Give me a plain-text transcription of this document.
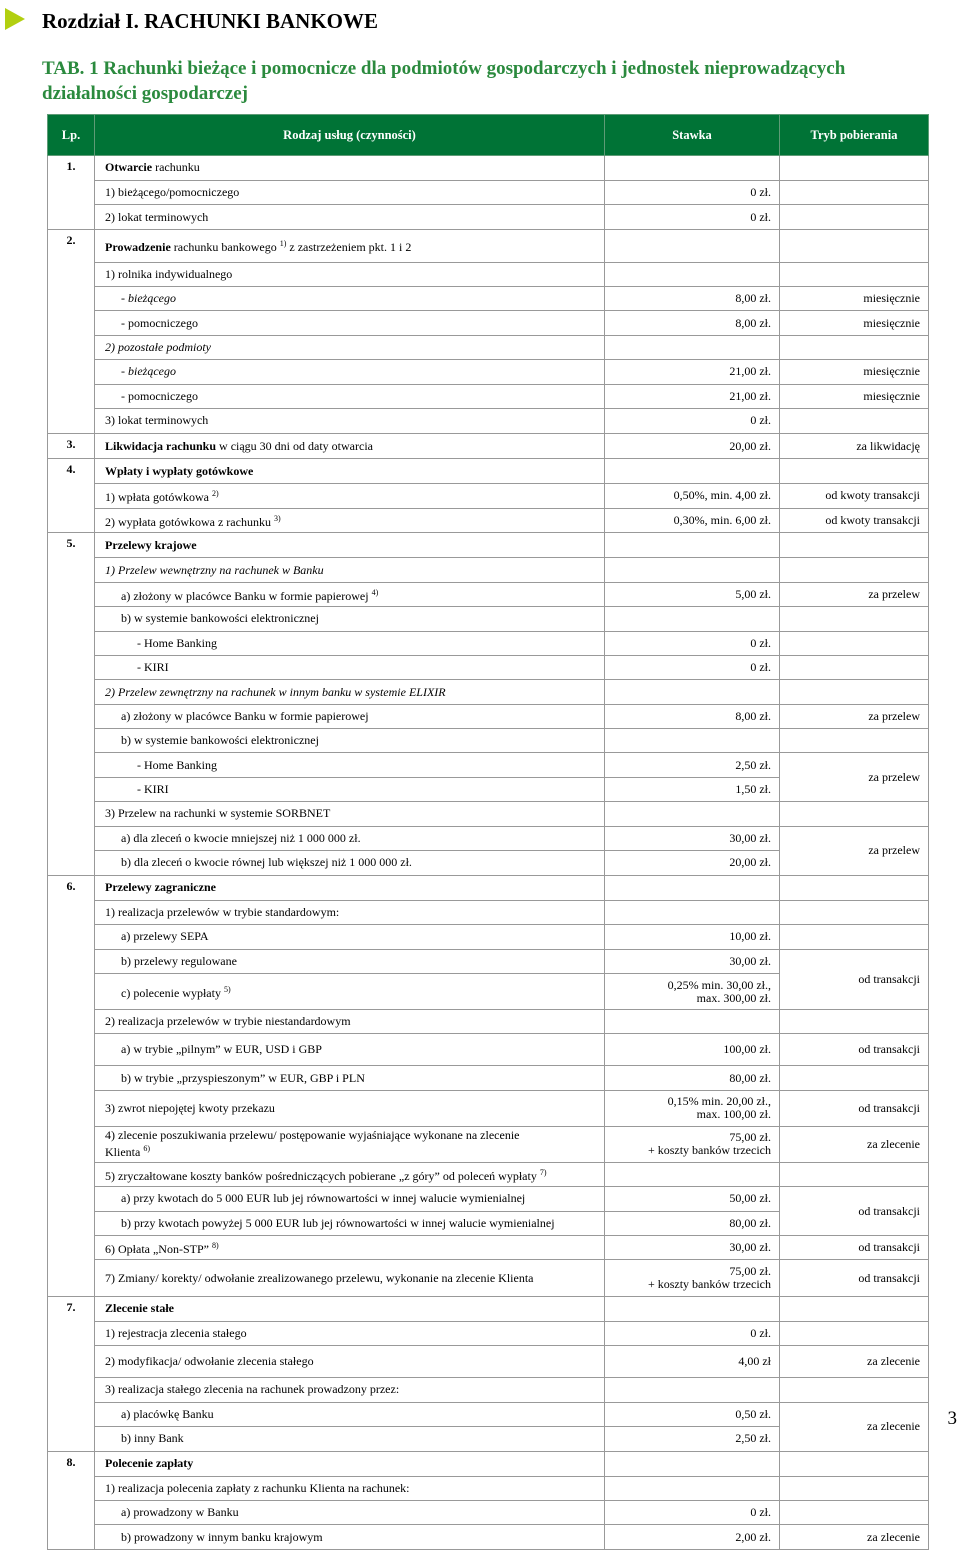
Rozdział I. RACHUNKI BANKOWE
TAB. 1 Rachunki bieżące i pomocnicze dla podmiotów gospodarczych i jednostek nieprowadzących działalności gospodarczej
Lp.	Rodzaj usług (czynności)	Stawka	Tryb pobierania
1.	Otwarcie rachunku		
	1) bieżącego/pomocniczego	0 zł.	
	2) lokat terminowych	0 zł.	
2.	Prowadzenie rachunku bankowego $^{1)}$ z zastrzeżeniem pkt. 1 i 2		
	1) rolnika indywidualnego		
	- bieżącego	8,00 zł.	miesięcznie
	- pomocniczego	8,00 zł.	miesięcznie
	2) pozostałe podmioty		
	- bieżącego	21,00 zł.	miesięcznie
	- pomocniczego	21,00 zł.	miesięcznie
	3) lokat terminowych	0 zł.	
3.	Likwidacja rachunku w ciągu 30 dni od daty otwarcia	20,00 zł.	za likwidację
4.	Wpłaty i wypłaty gotówkowe		
	1) wpłata gotówkowa $^{2)}$	0,50%, min. 4,00 zł.	od kwoty transakcji
	2) wypłata gotówkowa z rachunku $^{3)}$	0,30%, min. 6,00 zł.	od kwoty transakcji
5.	Przelewy krajowe		
	1) Przelew wewnętrzny na rachunek w Banku		
	a) złożony w placówce Banku w formie papierowej $^{4)}$	5,00 zł.	za przelew
	b) w systemie bankowości elektronicznej		
	- Home Banking	0 zł.	
	- KIRI	0 zł.	
	2) Przelew zewnętrzny na rachunek w innym banku w systemie ELIXIR		
	a) złożony w placówce Banku w formie papierowej	8,00 zł.	za przelew
	b) w systemie bankowości elektronicznej		
	- Home Banking	2,50 zł.	za przelew
	- KIRI	1,50 zł.	
	3) Przelew na rachunki w systemie SORBNET		
	a) dla zleceń o kwocie mniejszej niż 1 000 000 zł.	30,00 zł.	za przelew
	b) dla zleceń o kwocie równej lub większej niż 1 000 000 zł.	20,00 zł.	
6.	Przelewy zagraniczne		
	1) realizacja przelewów w trybie standardowym:		
	a) przelewy SEPA	10,00 zł.	
	b) przelewy regulowane	30,00 zł.	od transakcji
	c) polecenie wypłaty $^{5)}$	0,25% min. 30,00 zł.,
max. 300,00 zł.	
	2) realizacja przelewów w trybie niestandardowym		
	a) w trybie „pilnym” w EUR, USD i GBP	100,00 zł.	od transakcji
	b) w trybie „przyspieszonym” w EUR, GBP i PLN	80,00 zł.	
	3) zwrot niepojętej kwoty przekazu	0,15% min. 20,00 zł.,
max. 100,00 zł.	od transakcji
	4) zlecenie poszukiwania przelewu/ postępowanie wyjaśniające wykonane na zlecenie
Klienta $^{6)}$	75,00 zł.
+ koszty banków trzecich	za zlecenie
	5) zryczałtowane koszty banków pośredniczących pobierane „z góry” od poleceń wypłaty $^{7)}$		
	a) przy kwotach do 5 000 EUR lub jej równowartości w innej walucie wymienialnej	50,00 zł.	od transakcji
	b) przy kwotach powyżej 5 000 EUR lub jej równowartości w innej walucie wymienialnej	80,00 zł.	
	6) Opłata „Non-STP” $^{8)}$	30,00 zł.	od transakcji
	7) Zmiany/ korekty/ odwołanie zrealizowanego przelewu, wykonanie na zlecenie Klienta	75,00 zł.
+ koszty banków trzecich	od transakcji
7.	Zlecenie stałe		
	1) rejestracja zlecenia stałego	0 zł.	
	2) modyfikacja/ odwołanie zlecenia stałego	4,00 zł	za zlecenie
	3) realizacja stałego zlecenia na rachunek prowadzony przez:		
	a) placówkę Banku	0,50 zł.	za zlecenie
	b) inny Bank	2,50 zł.	
8.	Polecenie zapłaty		
	1) realizacja polecenia zapłaty z rachunku Klienta na rachunek:		
	a) prowadzony w Banku	0 zł.	
	b) prowadzony w innym banku krajowym	2,00 zł.	za zlecenie
3
